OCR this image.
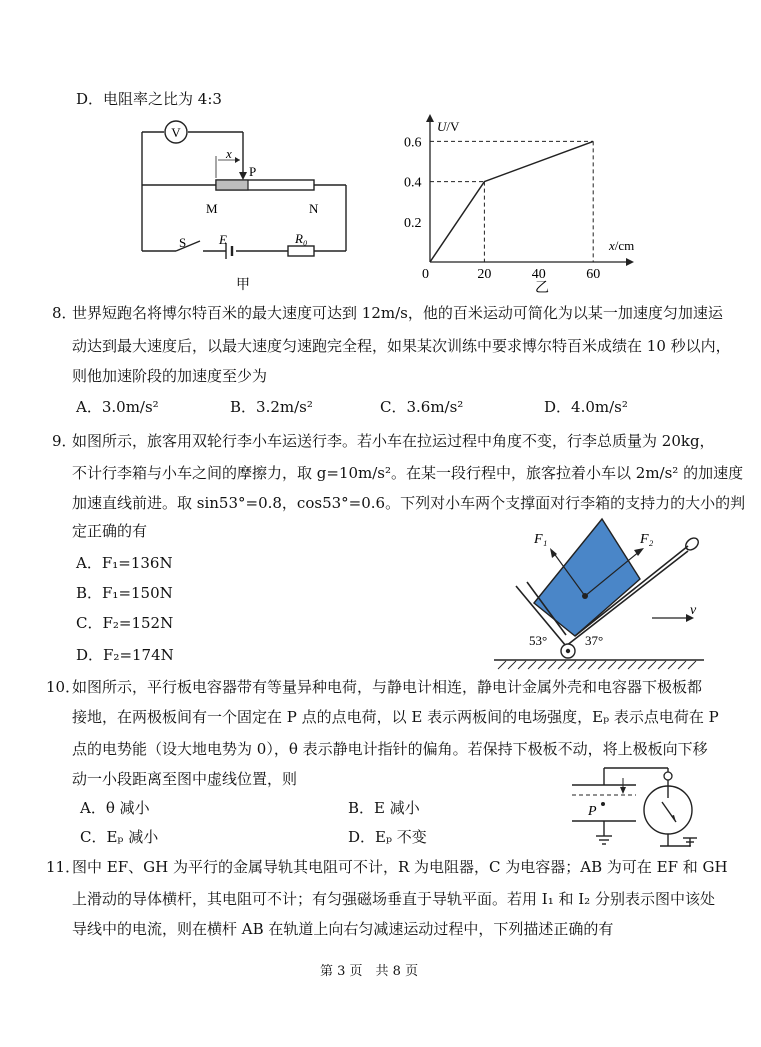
D．电阻率之比为 4:3
V
x
P
M	N
S	E	R₀
甲
0.2
0.4
0.6
0	20	40	60
U/V
x/cm
乙
8．
世界短跑名将博尔特百米的最大速度可达到 12m/s，他的百米运动可简化为以某一加速度匀加速运
动达到最大速度后，以最大速度匀速跑完全程，如果某次训练中要求博尔特百米成绩在 10 秒以内，
则他加速阶段的加速度至少为
A．3.0m/s²	B．3.2m/s²	C．3.6m/s²	D．4.0m/s²
9．
如图所示，旅客用双轮行李小车运送行李。若小车在拉运过程中角度不变，行李总质量为 20kg，
不计行李箱与小车之间的摩擦力，取 g=10m/s²。在某一段行程中，旅客拉着小车以 2m/s² 的加速度
加速直线前进。取 sin53°=0.8，cos53°=0.6。下列对小车两个支撑面对行李箱的支持力的大小的判
定正确的有
A．F₁=136N
B．F₁=150N
C．F₂=152N
D．F₂=174N
F₁	F₂
v
53°	37°
10．
如图所示，平行板电容器带有等量异种电荷，与静电计相连，静电计金属外壳和电容器下极板都
接地，在两极板间有一个固定在 P 点的点电荷，以 E 表示两板间的电场强度，Eₚ 表示点电荷在 P
点的电势能（设大地电势为 0），θ 表示静电计指针的偏角。若保持下极板不动，将上极板向下移
动一小段距离至图中虚线位置，则
A．θ 减小	B．E 减小
C．Eₚ 减小	D．Eₚ 不变
P
11．
图中 EF、GH 为平行的金属导轨其电阻可不计，R 为电阻器，C 为电容器；AB 为可在 EF 和 GH
上滑动的导体横杆，其电阻可不计；有匀强磁场垂直于导轨平面。若用 I₁ 和 I₂ 分别表示图中该处
导线中的电流，则在横杆 AB 在轨道上向右匀减速运动过程中，下列描述正确的有
第 3 页　共 8 页
